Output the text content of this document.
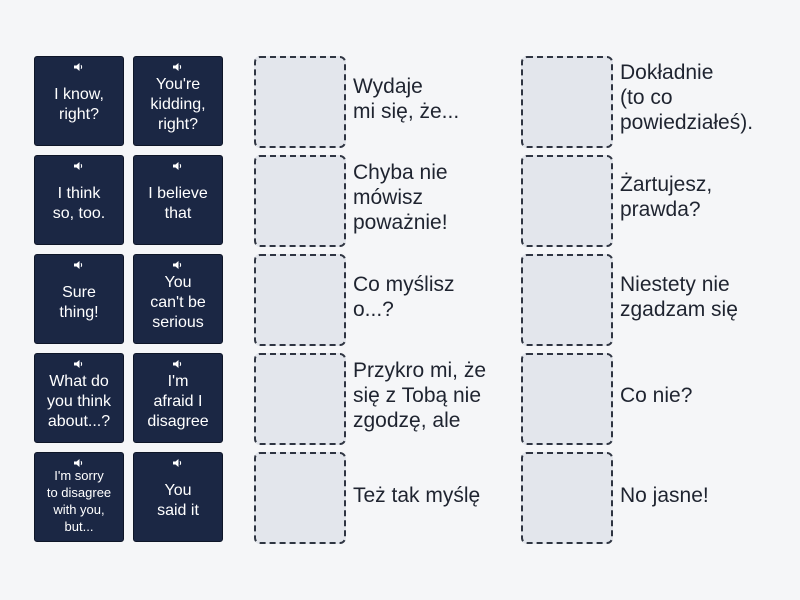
I know,
right?
You're
kidding,
right?
I think
so, too.
I believe
that
Sure
thing!
You
can't be
serious
What do
you think
about...?
I'm
afraid I
disagree
I'm sorry
to disagree
with you,
but...
You
said it
Wydaje
mi się, że...
Chyba nie
mówisz
poważnie!
Co myślisz
o...?
Przykro mi, że
się z Tobą nie
zgodzę, ale
Też tak myślę
Dokładnie
(to co
powiedziałeś).
Żartujesz,
prawda?
Niestety nie
zgadzam się
Co nie?
No jasne!
